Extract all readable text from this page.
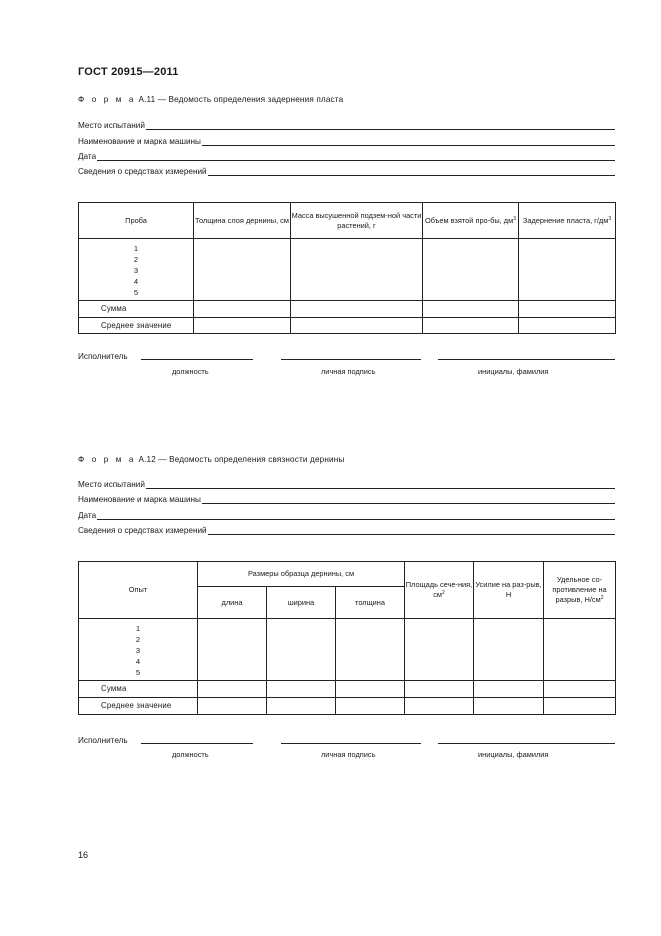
ГОСТ 20915—2011
Ф о р м а А.11 — Ведомость определения задернения пласта
Место испытаний
Наименование и марка машины
Дата
Сведения о средствах измерений
Проба	Толщина слоя дернины, см	Масса высушенной подзем-ной части растений, г	Объем взятой про-бы, $дм^3$	Задернение пласта, $г/дм^3$

1
2
3
4
5				

Сумма				
Среднее значение				
Исполнитель
должность	личная подпись	инициалы, фамилия
Ф о р м а А.12 — Ведомость определения связности дернины
Место испытаний
Наименование и марка машины
Дата
Сведения о средствах измерений
Опыт	Размеры образца дернины, см			Площадь сече-ния, $см^2$	Усилие на раз-рыв, Н	Удельное со-противление на разрыв, $Н/см^2$
	длина	ширина	толщина			

1
2
3
4
5						

Сумма						
Среднее значение						
Исполнитель
должность	личная подпись	инициалы, фамилия
16
